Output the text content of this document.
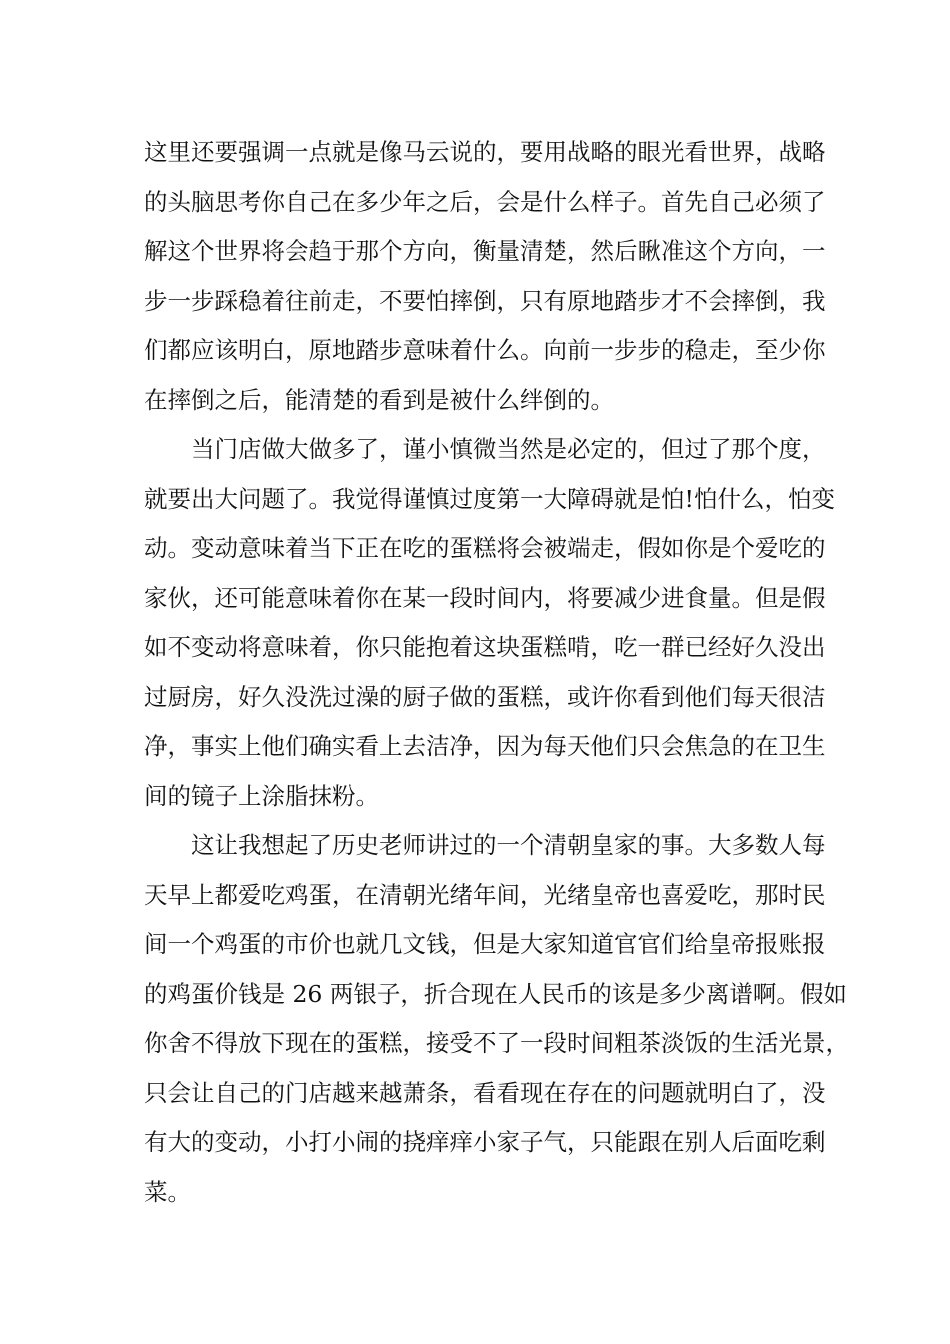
这里还要强调一点就是像马云说的，要用战略的眼光看世界，战略
的头脑思考你自己在多少年之后，会是什么样子。首先自己必须了
解这个世界将会趋于那个方向，衡量清楚，然后瞅准这个方向，一
步一步踩稳着往前走，不要怕摔倒，只有原地踏步才不会摔倒，我
们都应该明白，原地踏步意味着什么。向前一步步的稳走，至少你
在摔倒之后，能清楚的看到是被什么绊倒的。
当门店做大做多了，谨小慎微当然是必定的，但过了那个度，
就要出大问题了。我觉得谨慎过度第一大障碍就是怕!怕什么，怕变
动。变动意味着当下正在吃的蛋糕将会被端走，假如你是个爱吃的
家伙，还可能意味着你在某一段时间内，将要减少进食量。但是假
如不变动将意味着，你只能抱着这块蛋糕啃，吃一群已经好久没出
过厨房，好久没洗过澡的厨子做的蛋糕，或许你看到他们每天很洁
净，事实上他们确实看上去洁净，因为每天他们只会焦急的在卫生
间的镜子上涂脂抹粉。
这让我想起了历史老师讲过的一个清朝皇家的事。大多数人每
天早上都爱吃鸡蛋，在清朝光绪年间，光绪皇帝也喜爱吃，那时民
间一个鸡蛋的市价也就几文钱，但是大家知道官官们给皇帝报账报
的鸡蛋价钱是 26 两银子，折合现在人民币的该是多少离谱啊。假如
你舍不得放下现在的蛋糕，接受不了一段时间粗茶淡饭的生活光景，
只会让自己的门店越来越萧条，看看现在存在的问题就明白了，没
有大的变动，小打小闹的挠痒痒小家子气，只能跟在别人后面吃剩
菜。
